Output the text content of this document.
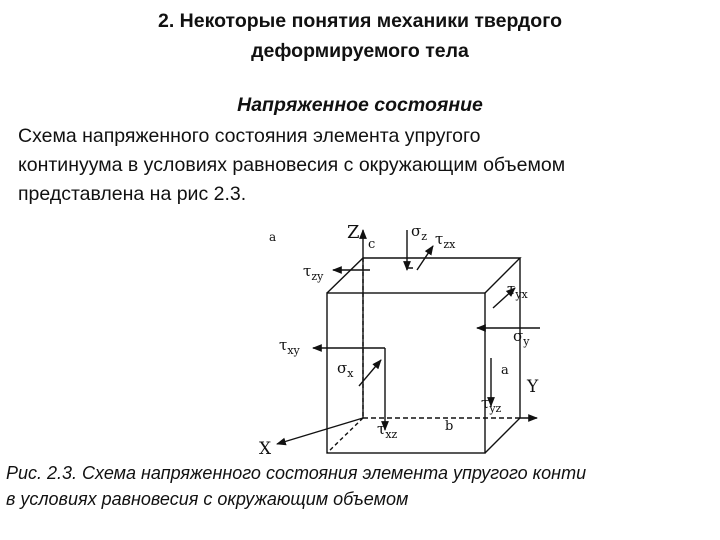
2. Некоторые понятия механики твердого
деформируемого тела
Напряженное состояние
Схема напряженного состояния элемента упругого
континуума в условиях равновесия с окружающим объемом
представлена на рис 2.3.
a	Z
Y
X
c
a
b
$\sigma_z$ $\tau_{zx}$
$\tau_{zy}$
$\tau_{yx}$
$\sigma_y$
$\tau_{xy}$
$\sigma_x$
$\tau_{yz}$
$\tau_{xz}$
Рис. 2.3. Схема напряженного состояния элемента упругого конти
в условиях равновесия с окружающим объемом
